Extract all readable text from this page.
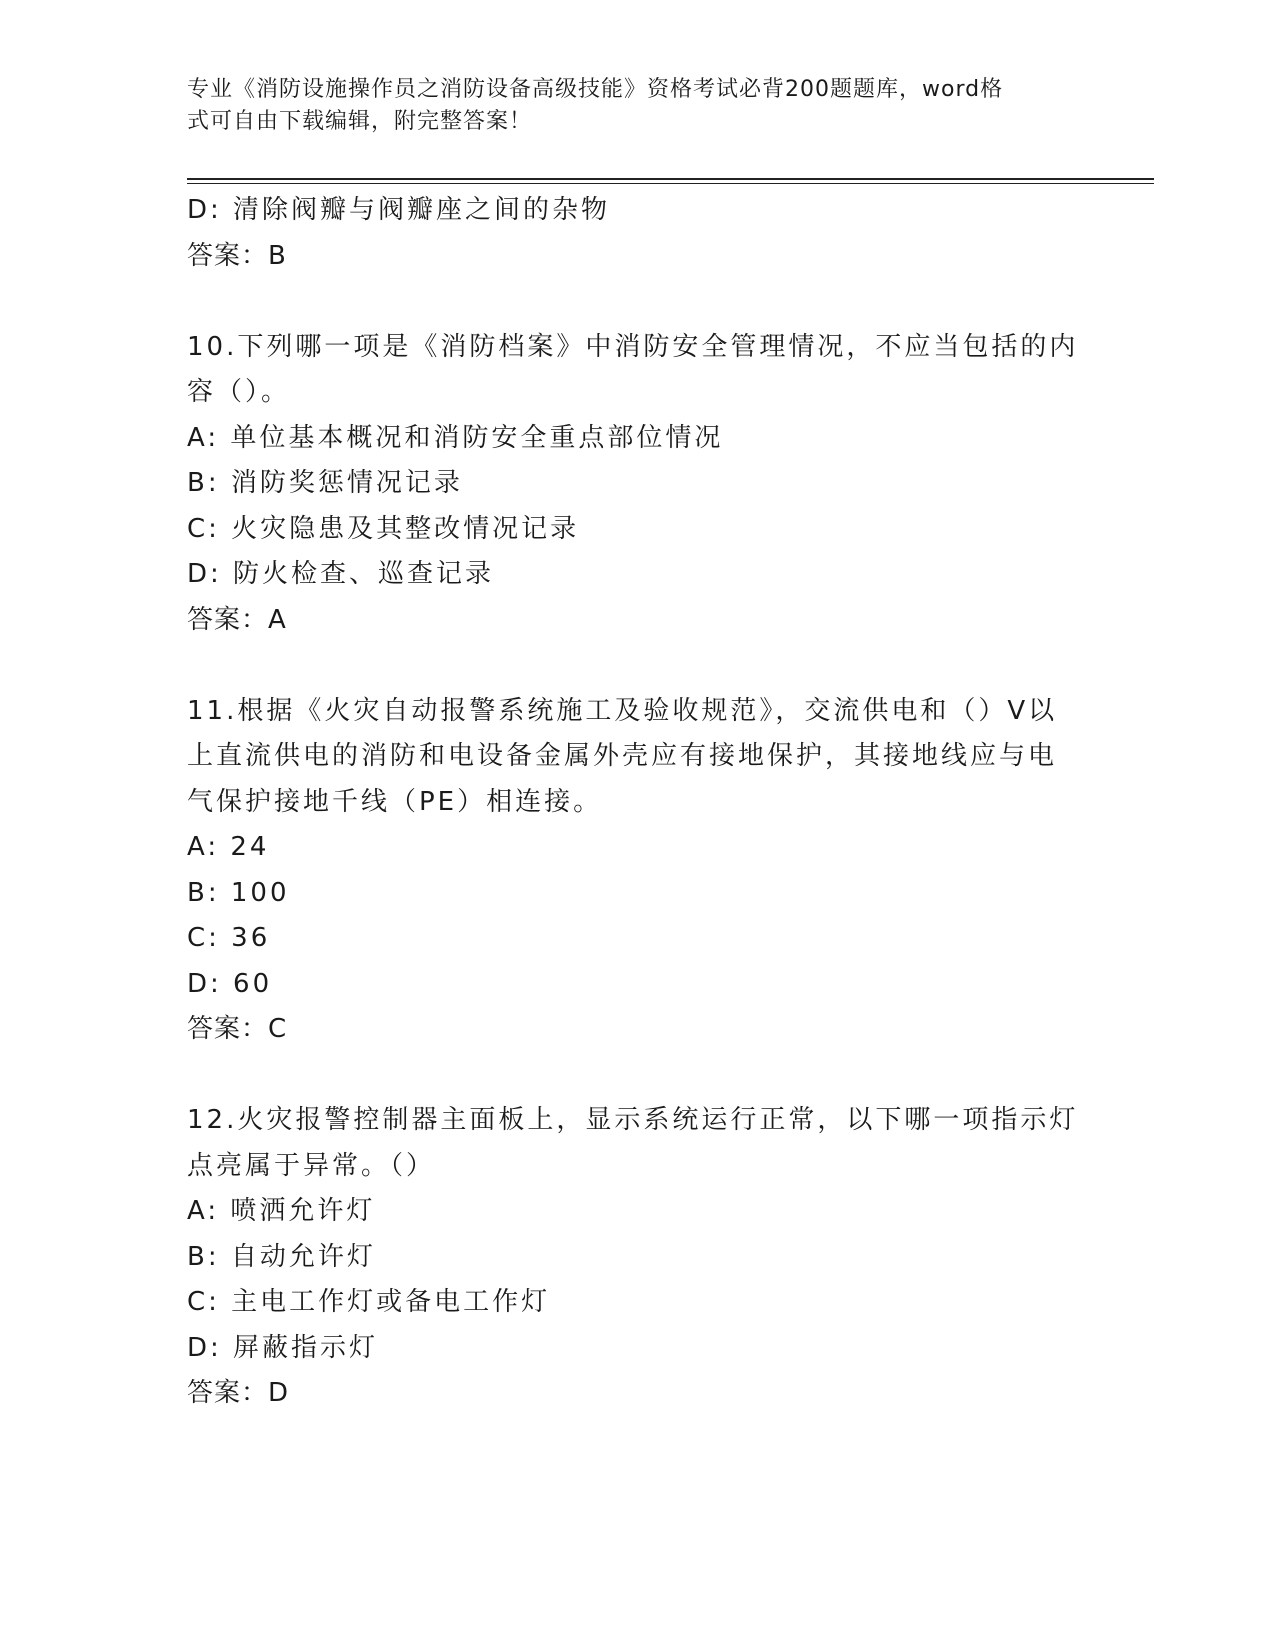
专业《消防设施操作员之消防设备高级技能》资格考试必背200题题库，word格
式可自由下载编辑，附完整答案！
D: 清除阀瓣与阀瓣座之间的杂物
答案：B
10.下列哪一项是《消防档案》中消防安全管理情况，不应当包括的内
容（）。
A: 单位基本概况和消防安全重点部位情况
B: 消防奖惩情况记录
C: 火灾隐患及其整改情况记录
D: 防火检查、巡查记录
答案：A
11.根据《火灾自动报警系统施工及验收规范》，交流供电和（）V以
上直流供电的消防和电设备金属外壳应有接地保护，其接地线应与电
气保护接地千线（PE）相连接。
A: 24
B: 100
C: 36
D: 60
答案：C
12.火灾报警控制器主面板上，显示系统运行正常，以下哪一项指示灯
点亮属于异常。（）
A: 喷洒允许灯
B: 自动允许灯
C: 主电工作灯或备电工作灯
D: 屏蔽指示灯
答案：D
